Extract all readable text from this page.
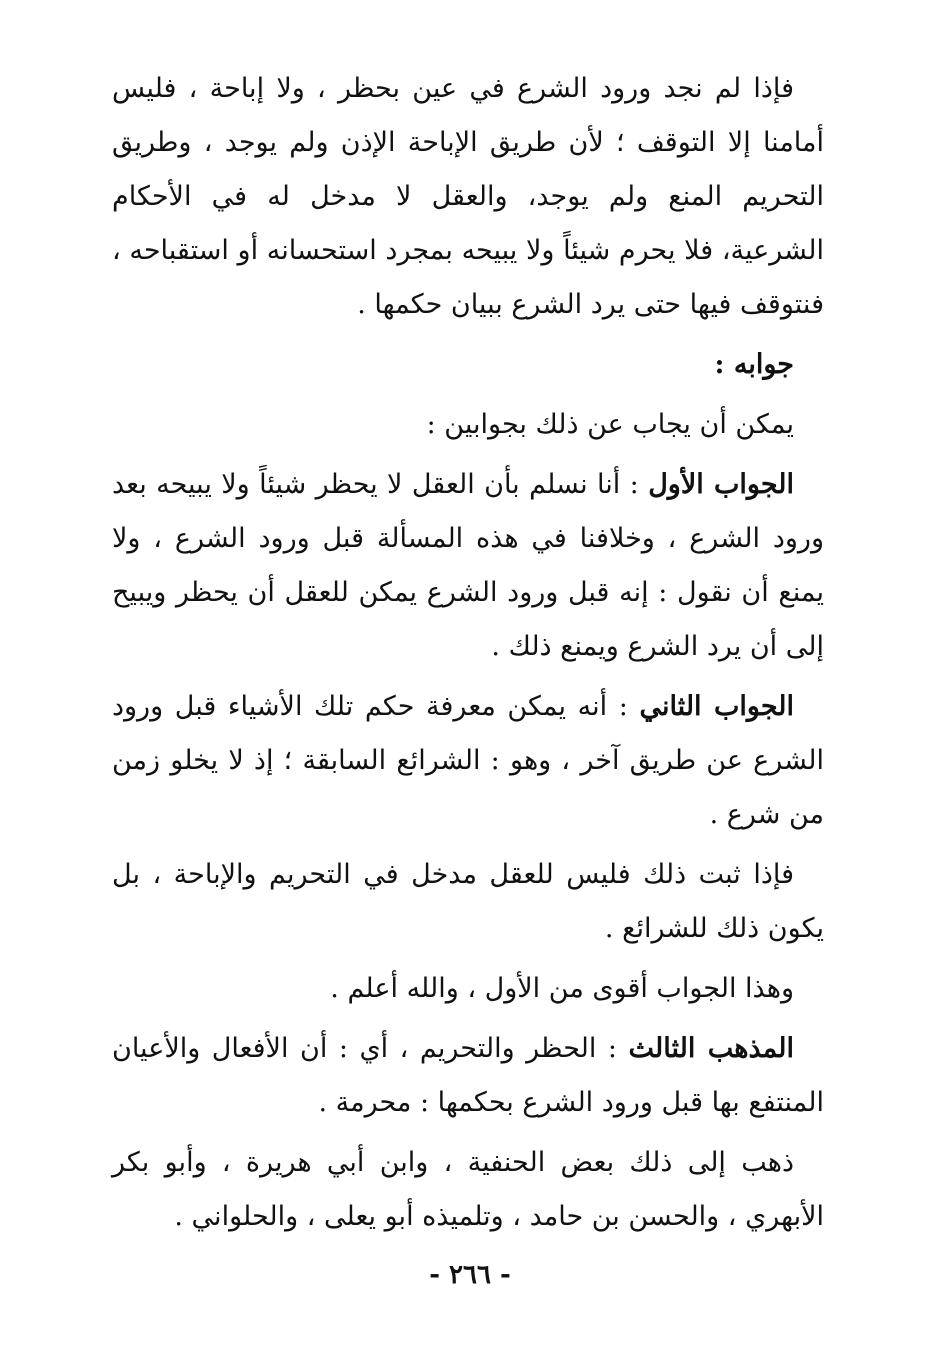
فإذا لم نجد ورود الشرع في عين بحظر ، ولا إباحة ، فليس أمامنا إلا التوقف ؛ لأن طريق الإباحة الإذن ولم يوجد ، وطريق التحريم المنع ولم يوجد، والعقل لا مدخل له في الأحكام الشرعية، فلا يحرم شيئاً ولا يبيحه بمجرد استحسانه أو استقباحه ، فنتوقف فيها حتى يرد الشرع ببيان حكمها .

جوابه :

يمكن أن يجاب عن ذلك بجوابين :

الجواب الأول : أنا نسلم بأن العقل لا يحظر شيئاً ولا يبيحه بعد ورود الشرع ، وخلافنا في هذه المسألة قبل ورود الشرع ، ولا يمنع أن نقول : إنه قبل ورود الشرع يمكن للعقل أن يحظر ويبيح إلى أن يرد الشرع ويمنع ذلك .

الجواب الثاني : أنه يمكن معرفة حكم تلك الأشياء قبل ورود الشرع عن طريق آخر ، وهو : الشرائع السابقة ؛ إذ لا يخلو زمن من شرع .

فإذا ثبت ذلك فليس للعقل مدخل في التحريم والإباحة ، بل يكون ذلك للشرائع .

وهذا الجواب أقوى من الأول ، والله أعلم .

المذهب الثالث : الحظر والتحريم ، أي : أن الأفعال والأعيان المنتفع بها قبل ورود الشرع بحكمها : محرمة .

ذهب إلى ذلك بعض الحنفية ، وابن أبي هريرة ، وأبو بكر الأبهري ، والحسن بن حامد ، وتلميذه أبو يعلى ، والحلواني .

- ٢٦٦ -
